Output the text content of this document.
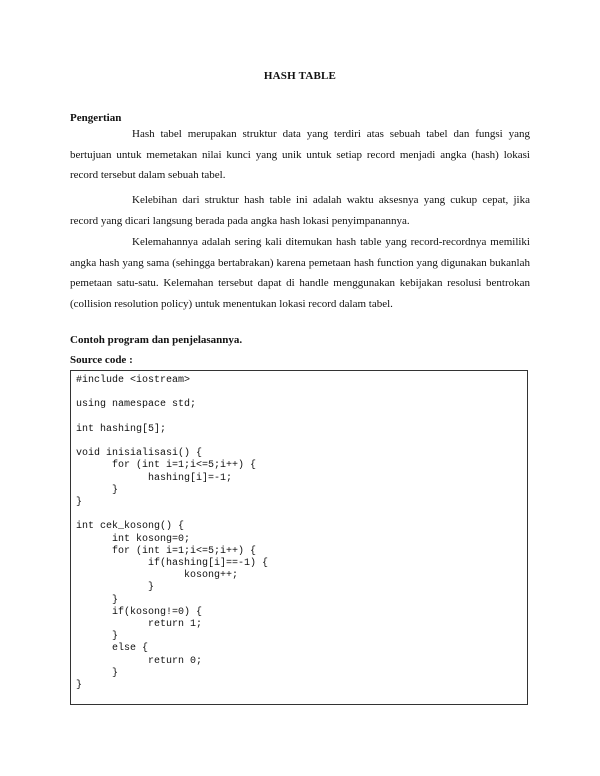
HASH TABLE
Pengertian

Hash tabel merupakan struktur data yang terdiri atas sebuah tabel dan fungsi yang bertujuan untuk memetakan nilai kunci yang unik untuk setiap record menjadi angka (hash) lokasi record tersebut dalam sebuah tabel.

Kelebihan dari struktur hash table ini adalah waktu aksesnya yang cukup cepat, jika record yang dicari langsung berada pada angka hash lokasi penyimpanannya.

Kelemahannya adalah sering kali ditemukan hash table yang record-recordnya memiliki angka hash yang sama (sehingga bertabrakan) karena pemetaan hash function yang digunakan bukanlah pemetaan satu-satu. Kelemahan tersebut dapat di handle menggunakan kebijakan resolusi bentrokan (collision resolution policy) untuk menentukan lokasi record dalam tabel.

Contoh program dan penjelasannya.
Source code :
#include <iostream>

using namespace std;

int hashing[5];

void inisialisasi() {
for (int i=1;i<=5;i++) {
hashing[i]=-1;
}
}

int cek_kosong() {
int kosong=0;
for (int i=1;i<=5;i++) {
if(hashing[i]==-1) {
kosong++;
}
}
if(kosong!=0) {
return 1;
}
else {
return 0;
}
}
